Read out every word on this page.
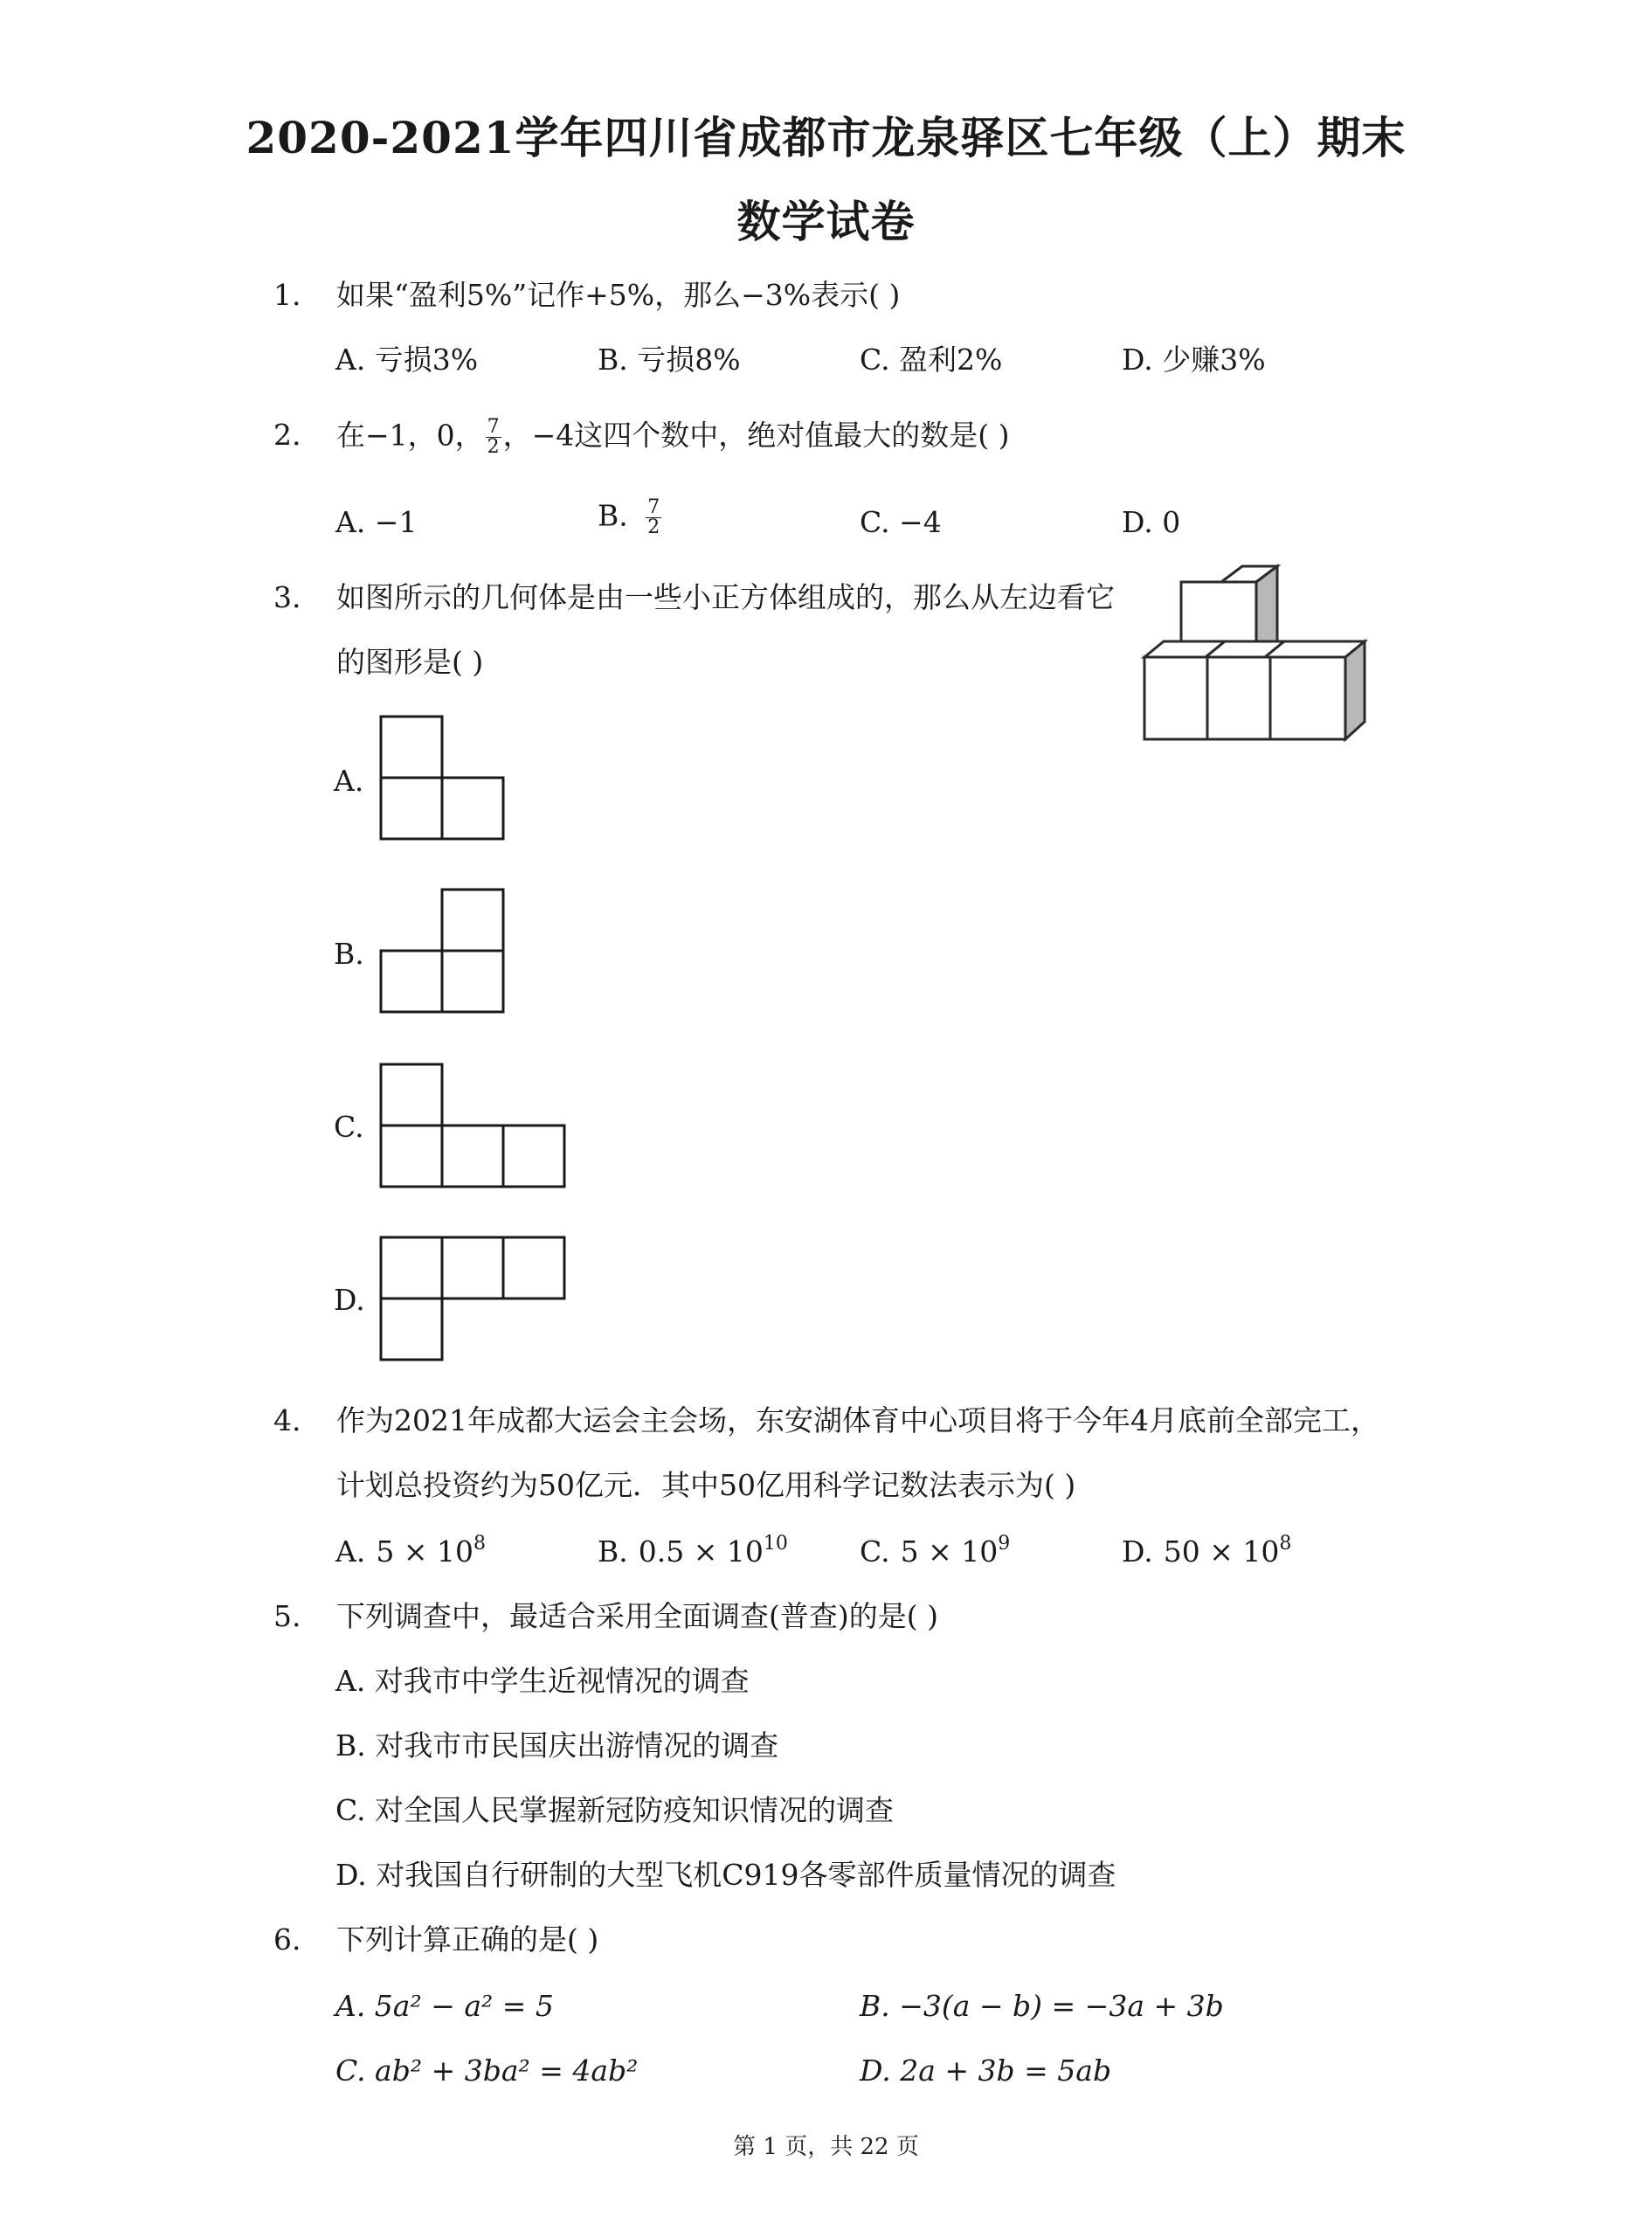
2020-2021学年四川省成都市龙泉驿区七年级（上）期末
数学试卷
1.	如果“盈利5%”记作+5%，那么−3%表示( )
A. 亏损3%	B. 亏损8%	C. 盈利2%	D. 少赚3%
2.	在−1，0， $\frac{7}{2}$ ，−4这四个数中，绝对值最大的数是( )
A. −1	B. $\frac{7}{2}$	C. −4	D. 0
3.	如图所示的几何体是由一些小正方体组成的，那么从左边看它
的图形是( )
A.
B.
C.
D.
4.	作为2021年成都大运会主会场，东安湖体育中心项目将于今年4月底前全部完工，
计划总投资约为50亿元．其中50亿用科学记数法表示为( )
A. $5 \times 10^8$	B. $0.5 \times 10^{10}$ C. $5 \times 10^9$	D. $50 \times 10^8$
5.	下列调查中，最适合采用全面调查(普查)的是( )
A. 对我市中学生近视情况的调查
B. 对我市市民国庆出游情况的调查
C. 对全国人民掌握新冠防疫知识情况的调查
D. 对我国自行研制的大型飞机C919各零部件质量情况的调查
6.	下列计算正确的是( )
A. 5a² − a² = 5	B. −3(a − b) = −3a + 3b
C. ab² + 3ba² = 4ab²	D. 2a + 3b = 5ab
第 1 页，共 22 页
